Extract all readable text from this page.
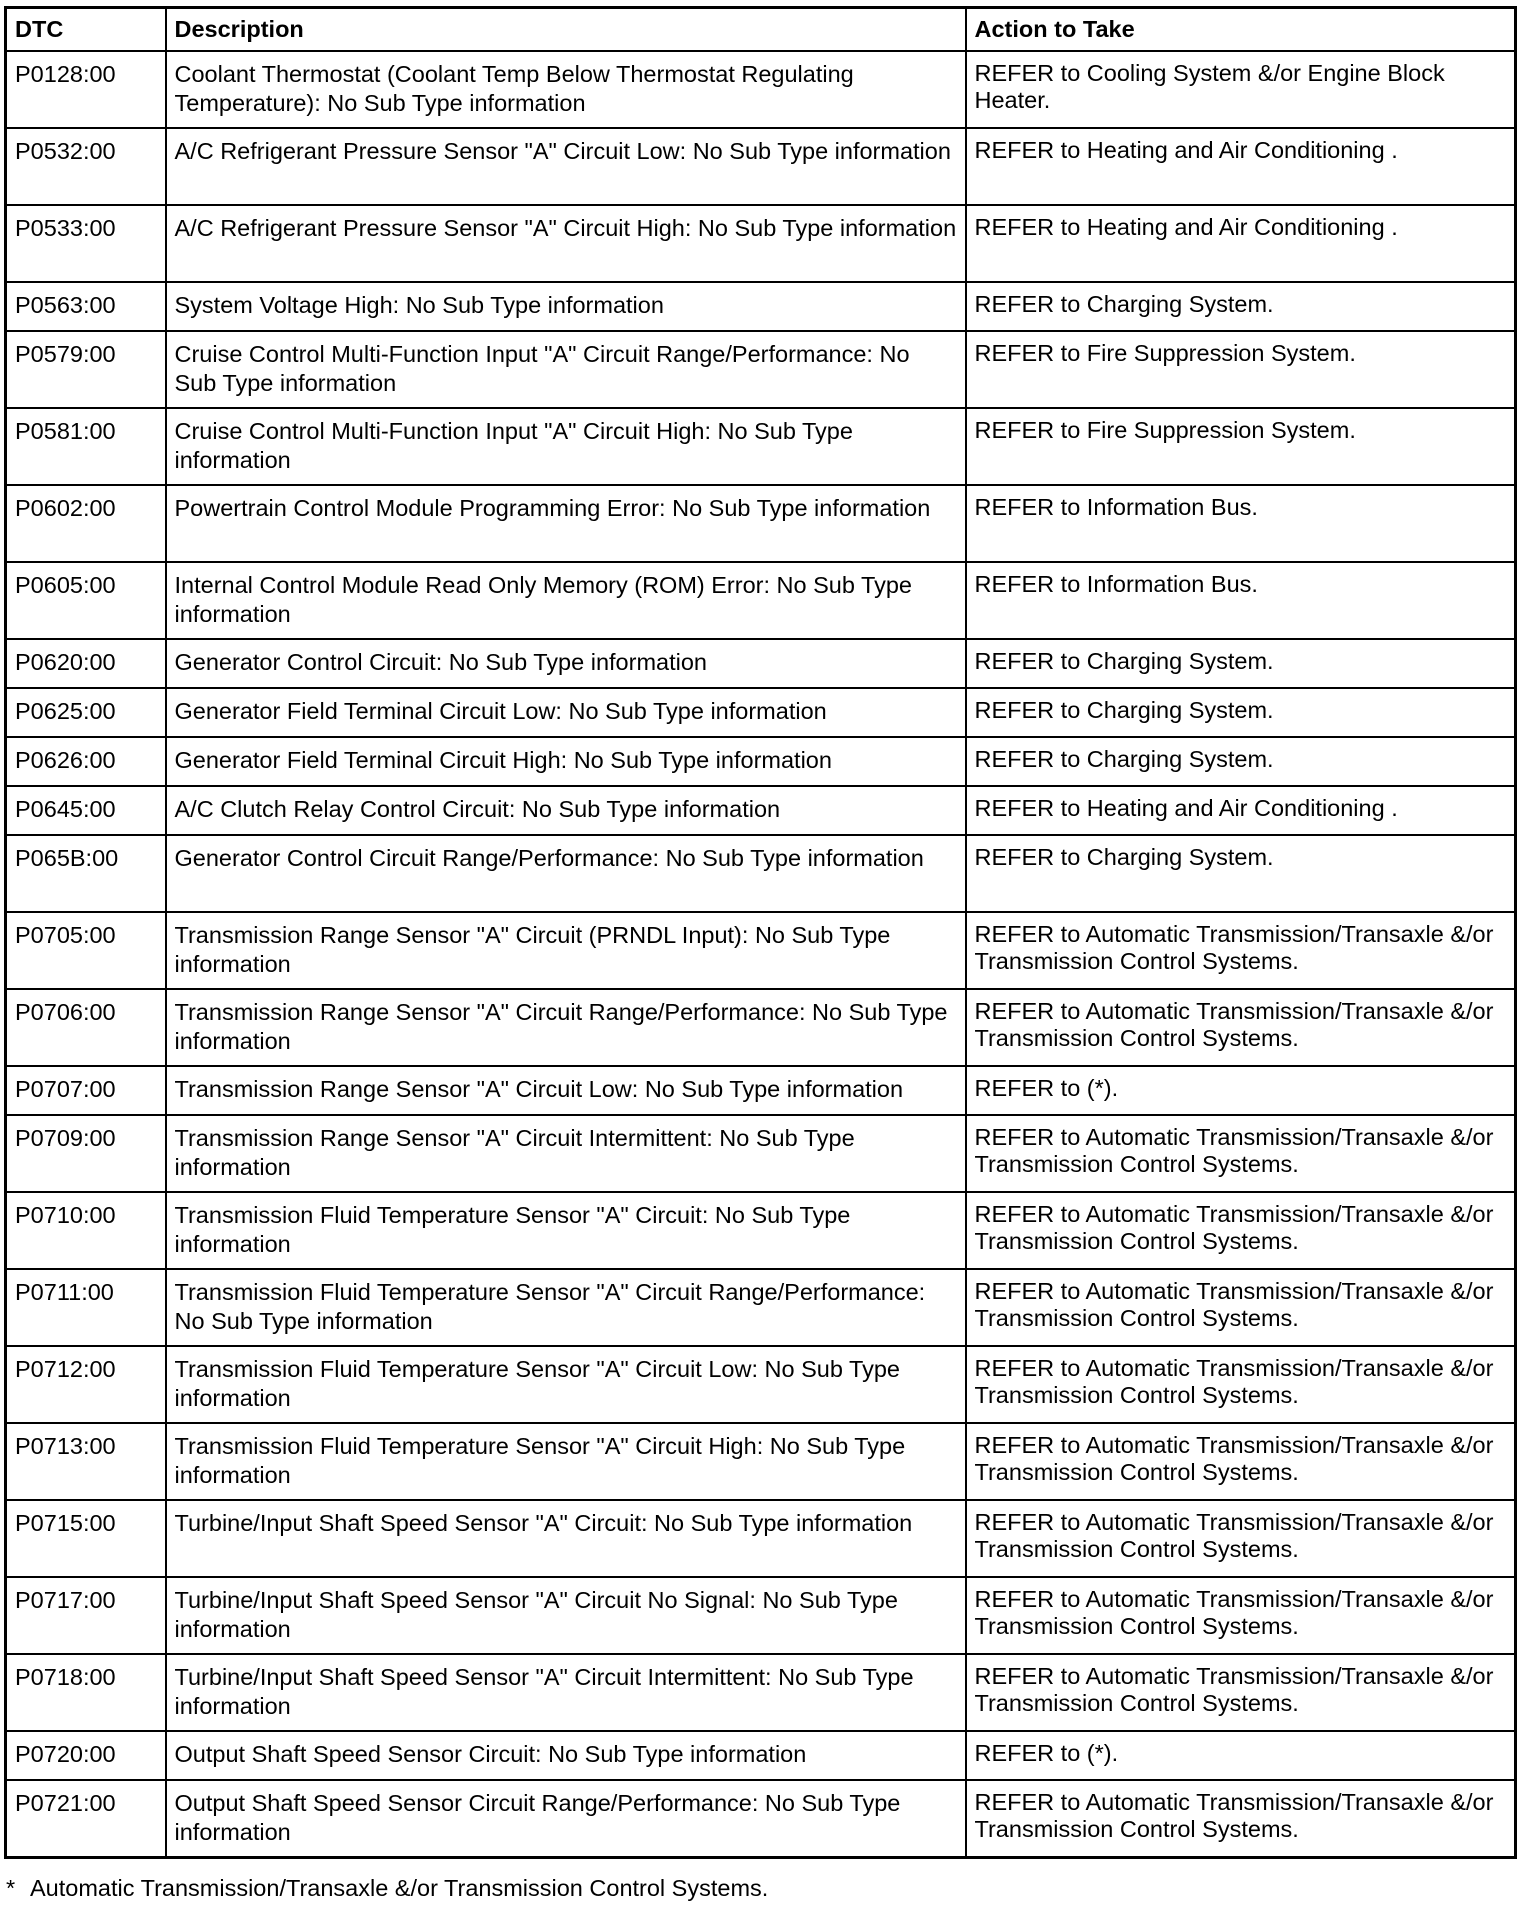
DTC	Description	Action to Take
P0128:00	Coolant Thermostat (Coolant Temp Below Thermostat Regulating Temperature): No Sub Type information	REFER to Cooling System &/or Engine Block Heater.
P0532:00	A/C Refrigerant Pressure Sensor "A" Circuit Low: No Sub Type information	REFER to Heating and Air Conditioning .
P0533:00	A/C Refrigerant Pressure Sensor "A" Circuit High: No Sub Type information	REFER to Heating and Air Conditioning .
P0563:00	System Voltage High: No Sub Type information	REFER to Charging System.
P0579:00	Cruise Control Multi-Function Input "A" Circuit Range/Performance: No Sub Type information	REFER to Fire Suppression System.
P0581:00	Cruise Control Multi-Function Input "A" Circuit High: No Sub Type information	REFER to Fire Suppression System.
P0602:00	Powertrain Control Module Programming Error: No Sub Type information	REFER to Information Bus.
P0605:00	Internal Control Module Read Only Memory (ROM) Error: No Sub Type information	REFER to Information Bus.
P0620:00	Generator Control Circuit: No Sub Type information	REFER to Charging System.
P0625:00	Generator Field Terminal Circuit Low: No Sub Type information	REFER to Charging System.
P0626:00	Generator Field Terminal Circuit High: No Sub Type information	REFER to Charging System.
P0645:00	A/C Clutch Relay Control Circuit: No Sub Type information	REFER to Heating and Air Conditioning .
P065B:00	Generator Control Circuit Range/Performance: No Sub Type information	REFER to Charging System.
P0705:00	Transmission Range Sensor "A" Circuit (PRNDL Input): No Sub Type information	REFER to Automatic Transmission/Transaxle &/or Transmission Control Systems.
P0706:00	Transmission Range Sensor "A" Circuit Range/Performance: No Sub Type information	REFER to Automatic Transmission/Transaxle &/or Transmission Control Systems.
P0707:00	Transmission Range Sensor "A" Circuit Low: No Sub Type information	REFER to (*).
P0709:00	Transmission Range Sensor "A" Circuit Intermittent: No Sub Type information	REFER to Automatic Transmission/Transaxle &/or Transmission Control Systems.
P0710:00	Transmission Fluid Temperature Sensor "A" Circuit: No Sub Type information	REFER to Automatic Transmission/Transaxle &/or Transmission Control Systems.
P0711:00	Transmission Fluid Temperature Sensor "A" Circuit Range/Performance: No Sub Type information	REFER to Automatic Transmission/Transaxle &/or Transmission Control Systems.
P0712:00	Transmission Fluid Temperature Sensor "A" Circuit Low: No Sub Type information	REFER to Automatic Transmission/Transaxle &/or Transmission Control Systems.
P0713:00	Transmission Fluid Temperature Sensor "A" Circuit High: No Sub Type information	REFER to Automatic Transmission/Transaxle &/or Transmission Control Systems.
P0715:00	Turbine/Input Shaft Speed Sensor "A" Circuit: No Sub Type information	REFER to Automatic Transmission/Transaxle &/or Transmission Control Systems.
P0717:00	Turbine/Input Shaft Speed Sensor "A" Circuit No Signal: No Sub Type information	REFER to Automatic Transmission/Transaxle &/or Transmission Control Systems.
P0718:00	Turbine/Input Shaft Speed Sensor "A" Circuit Intermittent: No Sub Type information	REFER to Automatic Transmission/Transaxle &/or Transmission Control Systems.
P0720:00	Output Shaft Speed Sensor Circuit: No Sub Type information	REFER to (*).
P0721:00	Output Shaft Speed Sensor Circuit Range/Performance: No Sub Type information	REFER to Automatic Transmission/Transaxle &/or Transmission Control Systems.
* Automatic Transmission/Transaxle &/or Transmission Control Systems.
